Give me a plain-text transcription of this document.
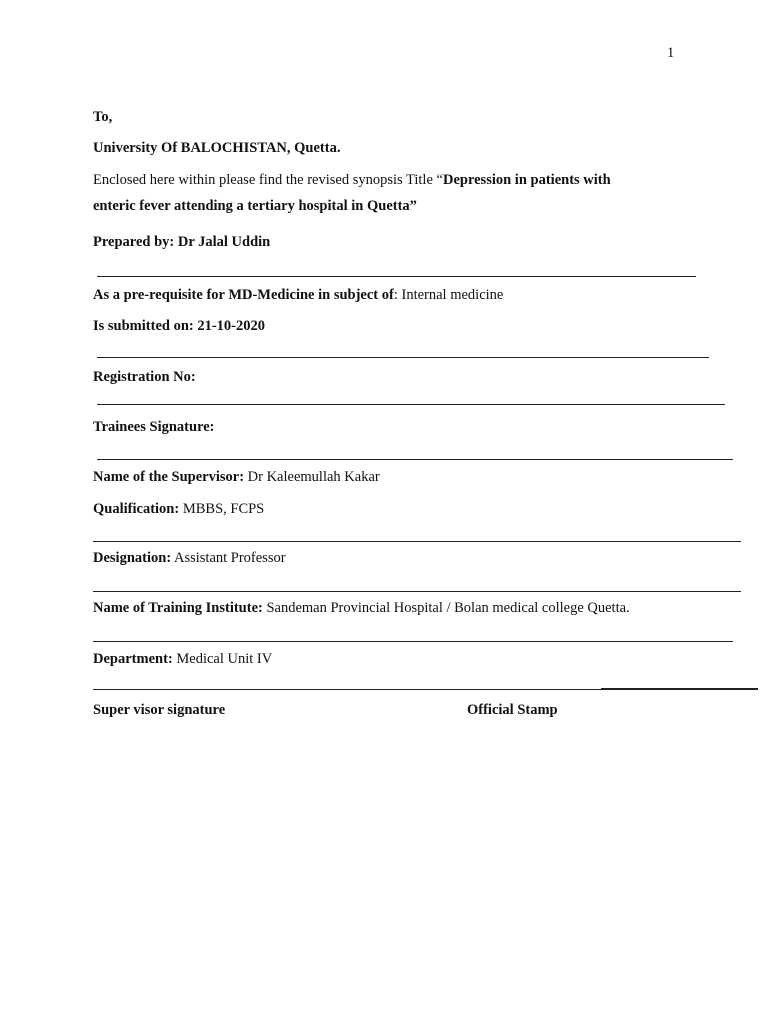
1
To,
University Of BALOCHISTAN, Quetta.
Enclosed here within please find the revised synopsis Title “Depression in patients with
enteric fever attending a tertiary hospital in Quetta”
Prepared by: Dr Jalal Uddin
As a pre-requisite for MD-Medicine in subject of: Internal medicine
Is submitted on: 21-10-2020
Registration No:
Trainees Signature:
Name of the Supervisor: Dr Kaleemullah Kakar
Qualification: MBBS, FCPS
Designation: Assistant Professor
Name of Training Institute: Sandeman Provincial Hospital / Bolan medical college Quetta.
Department: Medical Unit IV
Super visor signature	Official Stamp
